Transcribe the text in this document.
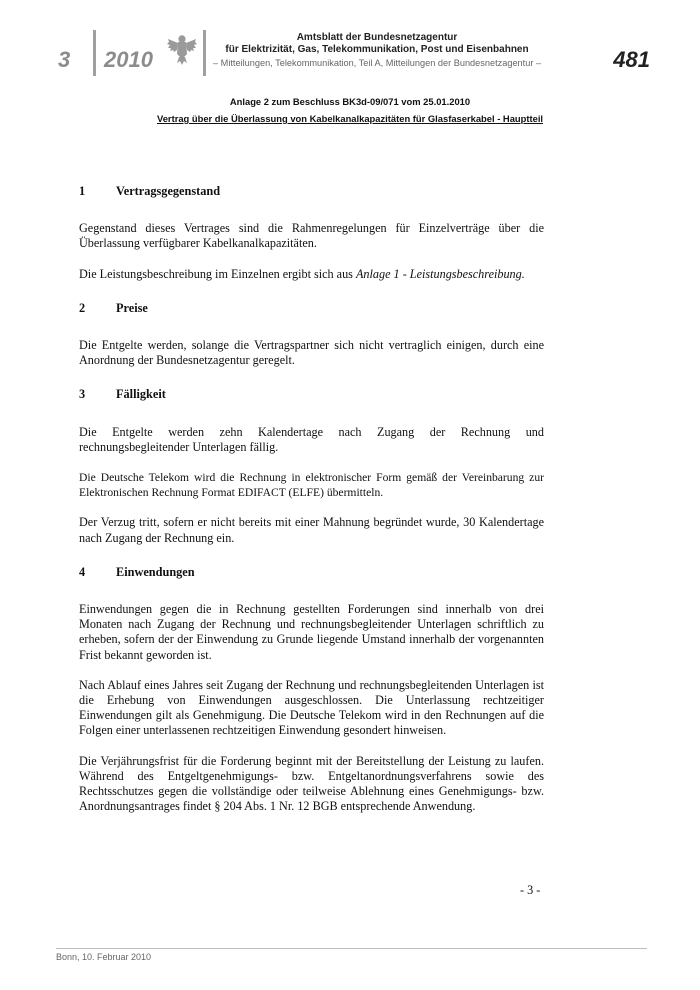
3 2010
Amtsblatt der Bundesnetzagentur
für Elektrizität, Gas, Telekommunikation, Post und Eisenbahnen
– Mitteilungen, Telekommunikation, Teil A, Mitteilungen der Bundesnetzagentur –	481
Anlage 2 zum Beschluss BK3d-09/071 vom 25.01.2010
Vertrag über die Überlassung von Kabelkanalkapazitäten für Glasfaserkabel - Hauptteil
1	Vertragsgegenstand

Gegenstand dieses Vertrages sind die Rahmenregelungen für Einzelverträge über die Überlassung verfügbarer Kabelkanalkapazitäten.

Die Leistungsbeschreibung im Einzelnen ergibt sich aus Anlage 1 - Leistungsbeschreibung.

2	Preise

Die Entgelte werden, solange die Vertragspartner sich nicht vertraglich einigen, durch eine Anordnung der Bundesnetzagentur geregelt.

3	Fälligkeit

Die Entgelte werden zehn Kalendertage nach Zugang der Rechnung und rechnungsbegleitender Unterlagen fällig.

Die Deutsche Telekom wird die Rechnung in elektronischer Form gemäß der Vereinbarung zur Elektronischen Rechnung Format EDIFACT (ELFE) übermitteln.

Der Verzug tritt, sofern er nicht bereits mit einer Mahnung begründet wurde, 30 Kalendertage nach Zugang der Rechnung ein.

4	Einwendungen

Einwendungen gegen die in Rechnung gestellten Forderungen sind innerhalb von drei Monaten nach Zugang der Rechnung und rechnungsbegleitender Unterlagen schriftlich zu erheben, sofern der der Einwendung zu Grunde liegende Umstand innerhalb der vorgenannten Frist bekannt geworden ist.

Nach Ablauf eines Jahres seit Zugang der Rechnung und rechnungsbegleitenden Unterlagen ist die Erhebung von Einwendungen ausgeschlossen. Die Unterlassung rechtzeitiger Einwendungen gilt als Genehmigung. Die Deutsche Telekom wird in den Rechnungen auf die Folgen einer unterlassenen rechtzeitigen Einwendung gesondert hinweisen.

Die Verjährungsfrist für die Forderung beginnt mit der Bereitstellung der Leistung zu laufen. Während des Entgeltgenehmigungs- bzw. Entgeltanordnungsverfahrens sowie des Rechtsschutzes gegen die vollständige oder teilweise Ablehnung eines Genehmigungs- bzw. Anordnungsantrages findet § 204 Abs. 1 Nr. 12 BGB entsprechende Anwendung.

- 3 -
Bonn, 10. Februar 2010
